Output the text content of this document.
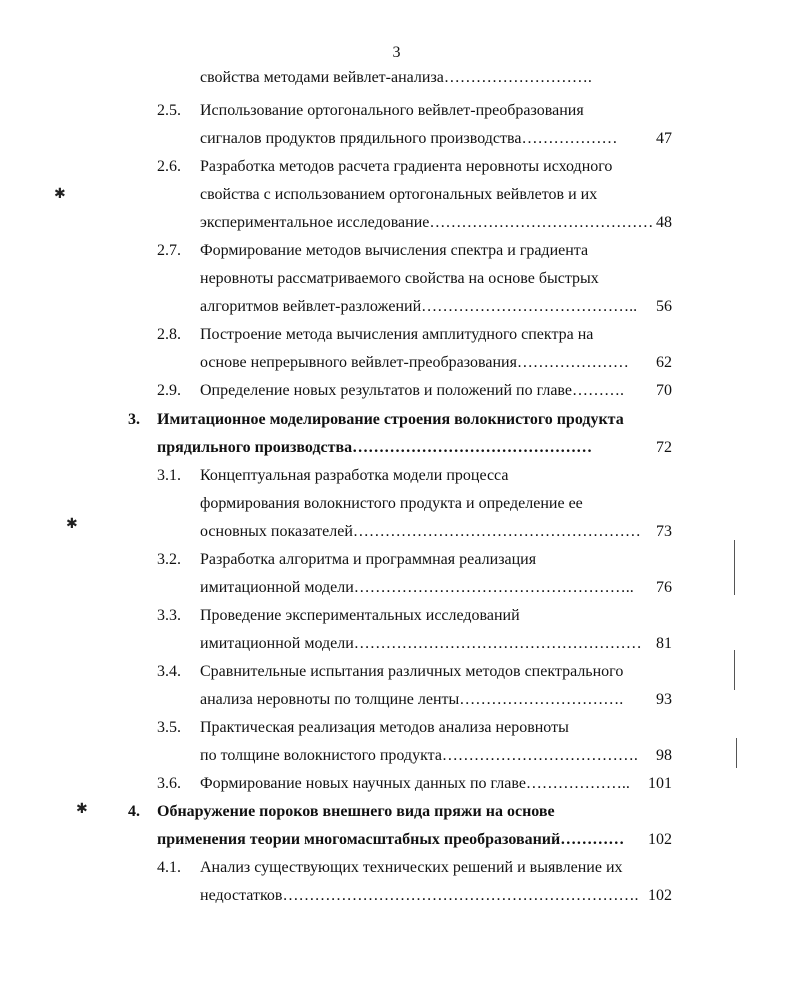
3
свойства методами вейвлет-анализа……………………….
2.5. Использование ортогонального вейвлет-преобразования
сигналов продуктов прядильного производства………………	47
2.6. Разработка методов расчета градиента неровноты исходного
свойства с использованием ортогональных вейвлетов и их
экспериментальное исследование…………………………………… 48
2.7. Формирование методов вычисления спектра и градиента
неровноты рассматриваемого свойства на основе быстрых
алгоритмов вейвлет-разложений…………………………………..	56
2.8. Построение метода вычисления амплитудного спектра на
основе непрерывного вейвлет-преобразования…………………	62
2.9. Определение новых результатов и положений по главе……….	70
3. Имитационное моделирование строения волокнистого продукта
прядильного производства………………………………………	72
3.1. Концептуальная разработка модели процесса
формирования волокнистого продукта и определение ее
основных показателей……………………………………………… 73
3.2. Разработка алгоритма и программная реализация
имитационной модели……………………………………………..	76
3.3. Проведение экспериментальных исследований
имитационной модели……………………………………………… 81
3.4. Сравнительные испытания различных методов спектрального
анализа неровноты по толщине ленты………………………….	93
3.5. Практическая реализация методов анализа неровноты
по толщине волокнистого продукта……………………………….	98
3.6. Формирование новых научных данных по главе………………..	101
4. Обнаружение пороков внешнего вида пряжи на основе
применения теории многомасштабных преобразований…………	102
4.1. Анализ существующих технических решений и выявление их
недостатков…………………………………………………………. 102
✱
✱
✱
